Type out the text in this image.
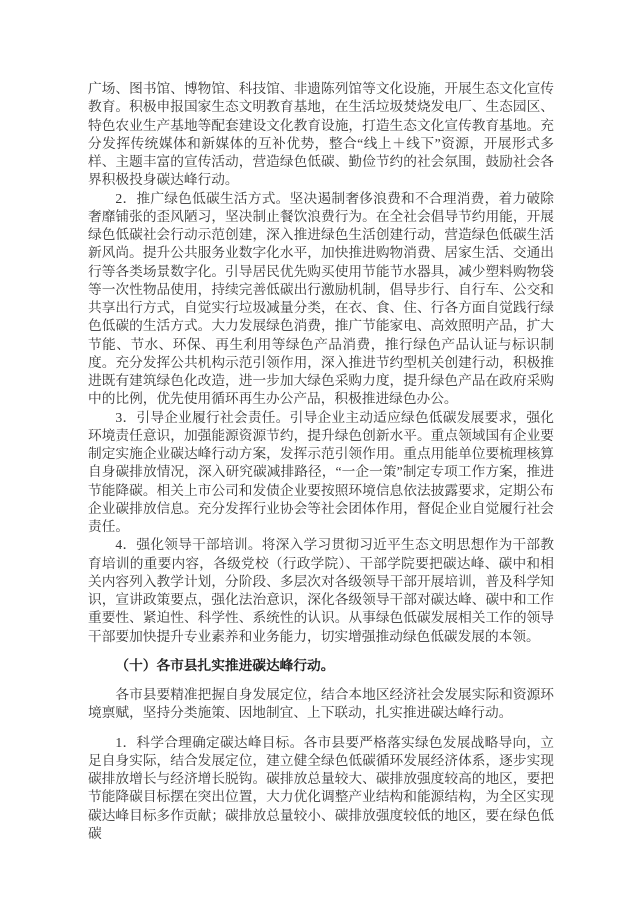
广场、图书馆、博物馆、科技馆、非遗陈列馆等文化设施，开展生态文化宣传教育。积极申报国家生态文明教育基地，在生活垃圾焚烧发电厂、生态园区、特色农业生产基地等配套建设文化教育设施，打造生态文化宣传教育基地。充分发挥传统媒体和新媒体的互补优势，整合“线上＋线下”资源，开展形式多样、主题丰富的宣传活动，营造绿色低碳、勤俭节约的社会氛围，鼓励社会各界积极投身碳达峰行动。

2．推广绿色低碳生活方式。坚决遏制奢侈浪费和不合理消费，着力破除奢靡铺张的歪风陋习，坚决制止餐饮浪费行为。在全社会倡导节约用能，开展绿色低碳社会行动示范创建，深入推进绿色生活创建行动，营造绿色低碳生活新风尚。提升公共服务业数字化水平，加快推进购物消费、居家生活、交通出行等各类场景数字化。引导居民优先购买使用节能节水器具，减少塑料购物袋等一次性物品使用，持续完善低碳出行激励机制，倡导步行、自行车、公交和共享出行方式，自觉实行垃圾减量分类，在衣、食、住、行各方面自觉践行绿色低碳的生活方式。大力发展绿色消费，推广节能家电、高效照明产品，扩大节能、节水、环保、再生利用等绿色产品消费，推行绿色产品认证与标识制度。充分发挥公共机构示范引领作用，深入推进节约型机关创建行动，积极推进既有建筑绿色化改造，进一步加大绿色采购力度，提升绿色产品在政府采购中的比例，优先使用循环再生办公产品，积极推进绿色办公。

3．引导企业履行社会责任。引导企业主动适应绿色低碳发展要求，强化环境责任意识，加强能源资源节约，提升绿色创新水平。重点领域国有企业要制定实施企业碳达峰行动方案，发挥示范引领作用。重点用能单位要梳理核算自身碳排放情况，深入研究碳减排路径，“一企一策”制定专项工作方案，推进节能降碳。相关上市公司和发债企业要按照环境信息依法披露要求，定期公布企业碳排放信息。充分发挥行业协会等社会团体作用，督促企业自觉履行社会责任。

4．强化领导干部培训。将深入学习贯彻习近平生态文明思想作为干部教育培训的重要内容，各级党校（行政学院）、干部学院要把碳达峰、碳中和相关内容列入教学计划，分阶段、多层次对各级领导干部开展培训，普及科学知识，宣讲政策要点，强化法治意识，深化各级领导干部对碳达峰、碳中和工作重要性、紧迫性、科学性、系统性的认识。从事绿色低碳发展相关工作的领导干部要加快提升专业素养和业务能力，切实增强推动绿色低碳发展的本领。

（十）各市县扎实推进碳达峰行动。

各市县要精准把握自身发展定位，结合本地区经济社会发展实际和资源环境禀赋，坚持分类施策、因地制宜、上下联动，扎实推进碳达峰行动。

1．科学合理确定碳达峰目标。各市县要严格落实绿色发展战略导向，立足自身实际，结合发展定位，建立健全绿色低碳循环发展经济体系，逐步实现碳排放增长与经济增长脱钩。碳排放总量较大、碳排放强度较高的地区，要把节能降碳目标摆在突出位置，大力优化调整产业结构和能源结构，为全区实现碳达峰目标多作贡献；碳排放总量较小、碳排放强度较低的地区，要在绿色低碳
